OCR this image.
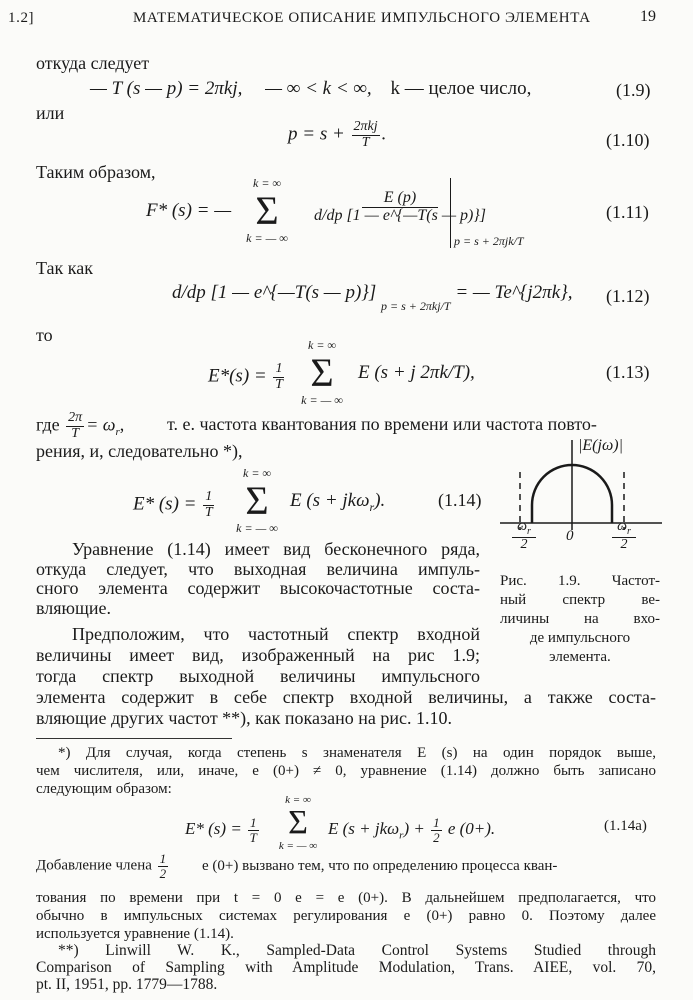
1.2]	МАТЕМАТИЧЕСКОЕ ОПИСАНИЕ ИМПУЛЬСНОГО ЭЛЕМЕНТА	19
откуда следует
— T (s — p) = 2πkj, — ∞ < k < ∞, k — целое число,	(1.9)
или
$p = s + \frac{\text{2πkj}}{T}$ .	(1.10)
Таким образом,
F* (s) = —
k = ∞
Σ
k = — ∞
$\frac{E (p)}{d/dp [1 — e\^{}\{—T(s — p)\}]}$
p = s + 2πjk/T
(1.11)
Так как
d/dp [1 — e^{—T(s — p)}] $_{p = s + 2\pi kj/T}$ = — Te^{j2πk}, (1.12)
то
$E*(s) = \frac{1}{T}$
k = ∞
Σ
k = — ∞
E (s + j 2πk/T),	(1.13)
где $\frac{2\pi}{T} = \omega_r$, т. е. частота квантования по времени или частота повто-
рения, и, следовательно *),
E* $(s) = \frac{1}{T}$
k = ∞
Σ
k = — ∞
E (s + jkω$_r$).	(1.14)
|E(jω)|
$\omega_r$
2
0
$\omega_r$
2
Рис. 1.9. Частот-
ный спектр ве-
личины на вхо-
де импульсного
элемента.
Уравнение (1.14) имеет вид бесконечного ряда,
откуда следует, что выходная величина импуль-
сного элемента содержит высокочастотные соста-
вляющие.
Предположим, что частотный спектр входной
величины имеет вид, изображенный на рис 1.9;
тогда спектр выходной величины импульсного
элемента содержит в себе спектр входной величины, а также соста-
вляющие других частот **), как показано на рис. 1.10.
*) Для случая, когда степень s знаменателя E (s) на один порядок выше,
чем числителя, или, иначе, e (0+) ≠ 0, уравнение (1.14) должно быть записано
следующим образом:
E* $(s) = \frac{1}{T}$
k = ∞
Σ
k = — ∞
E $(s + jk\omega_r) + \frac{1}{2}$ e (0+).	(1.14a)
Добавление члена $\frac{1}{2}$ e (0+) вызвано тем, что по определению процесса кван-
тования по времени при t = 0 e = e (0+). В дальнейшем предполагается, что
обычно в импульсных системах регулирования e (0+) равно 0. Поэтому далее
используется уравнение (1.14).
**) Linwill W. K., Sampled-Data Control Systems Studied through
Comparison of Sampling with Amplitude Modulation, Trans. AIEE, vol. 70,
pt. II, 1951, pp. 1779—1788.
